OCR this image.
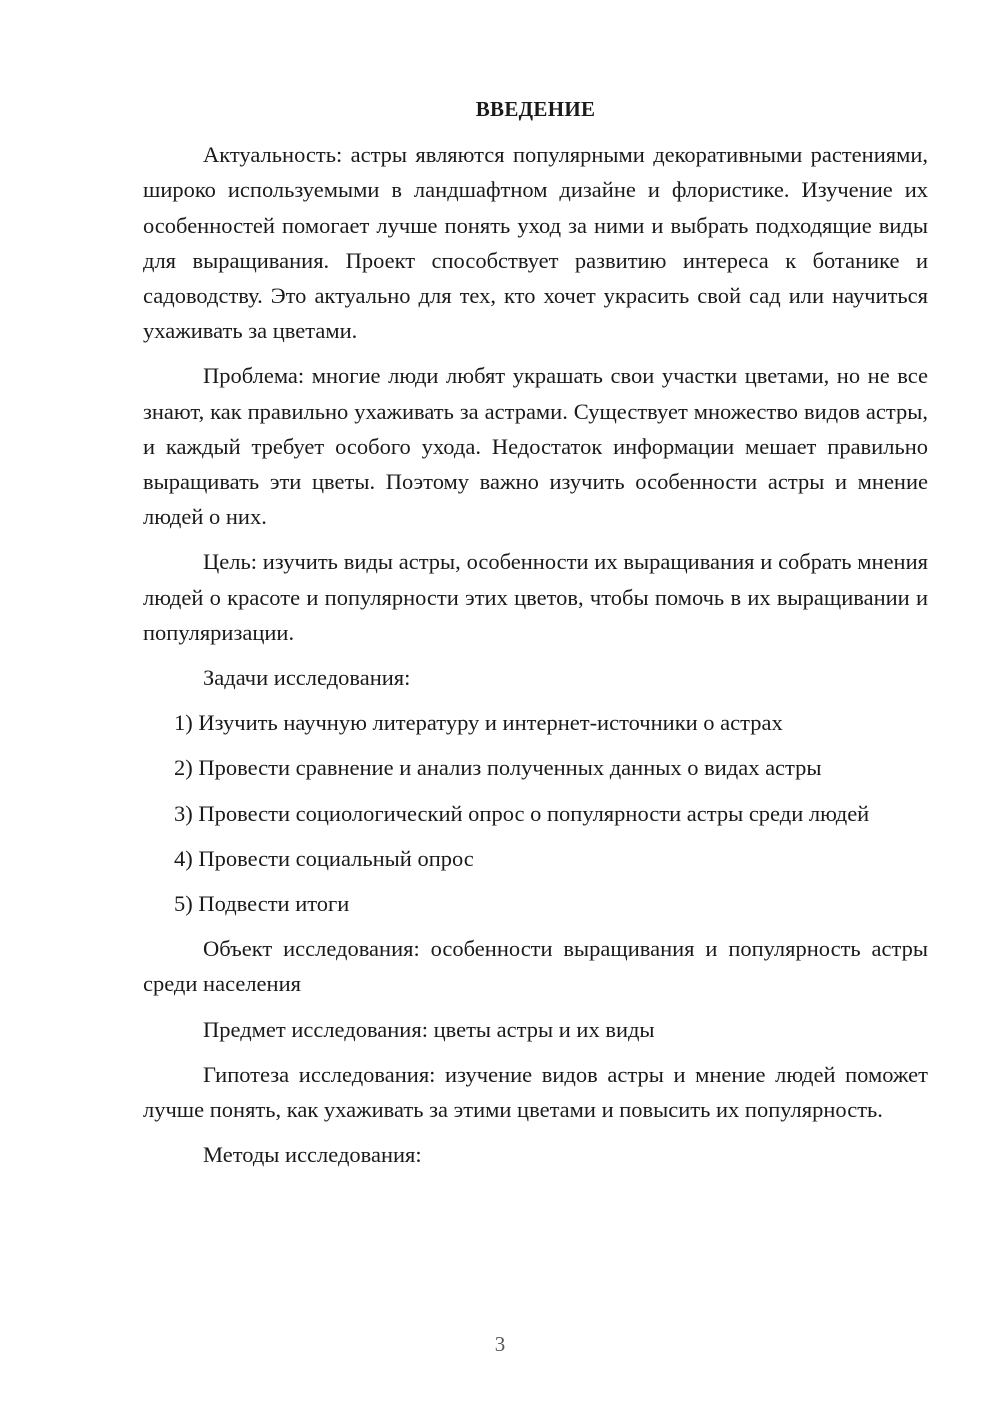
ВВЕДЕНИЕ

Актуальность: астры являются популярными декоративными растениями, широко используемыми в ландшафтном дизайне и флористике. Изучение их особенностей помогает лучше понять уход за ними и выбрать подходящие виды для выращивания. Проект способствует развитию интереса к ботанике и садоводству. Это актуально для тех, кто хочет украсить свой сад или научиться ухаживать за цветами.

Проблема: многие люди любят украшать свои участки цветами, но не все знают, как правильно ухаживать за астрами. Существует множество видов астры, и каждый требует особого ухода. Недостаток информации мешает правильно выращивать эти цветы. Поэтому важно изучить особенности астры и мнение людей о них.

Цель: изучить виды астры, особенности их выращивания и собрать мнения людей о красоте и популярности этих цветов, чтобы помочь в их выращивании и популяризации.

Задачи исследования:

1) Изучить научную литературу и интернет-источники о астрах

2) Провести сравнение и анализ полученных данных о видах астры

3) Провести социологический опрос о популярности астры среди людей

4) Провести социальный опрос

5) Подвести итоги

Объект исследования: особенности выращивания и популярность астры среди населения

Предмет исследования: цветы астры и их виды

Гипотеза исследования: изучение видов астры и мнение людей поможет лучше понять, как ухаживать за этими цветами и повысить их популярность.

Методы исследования:

3
